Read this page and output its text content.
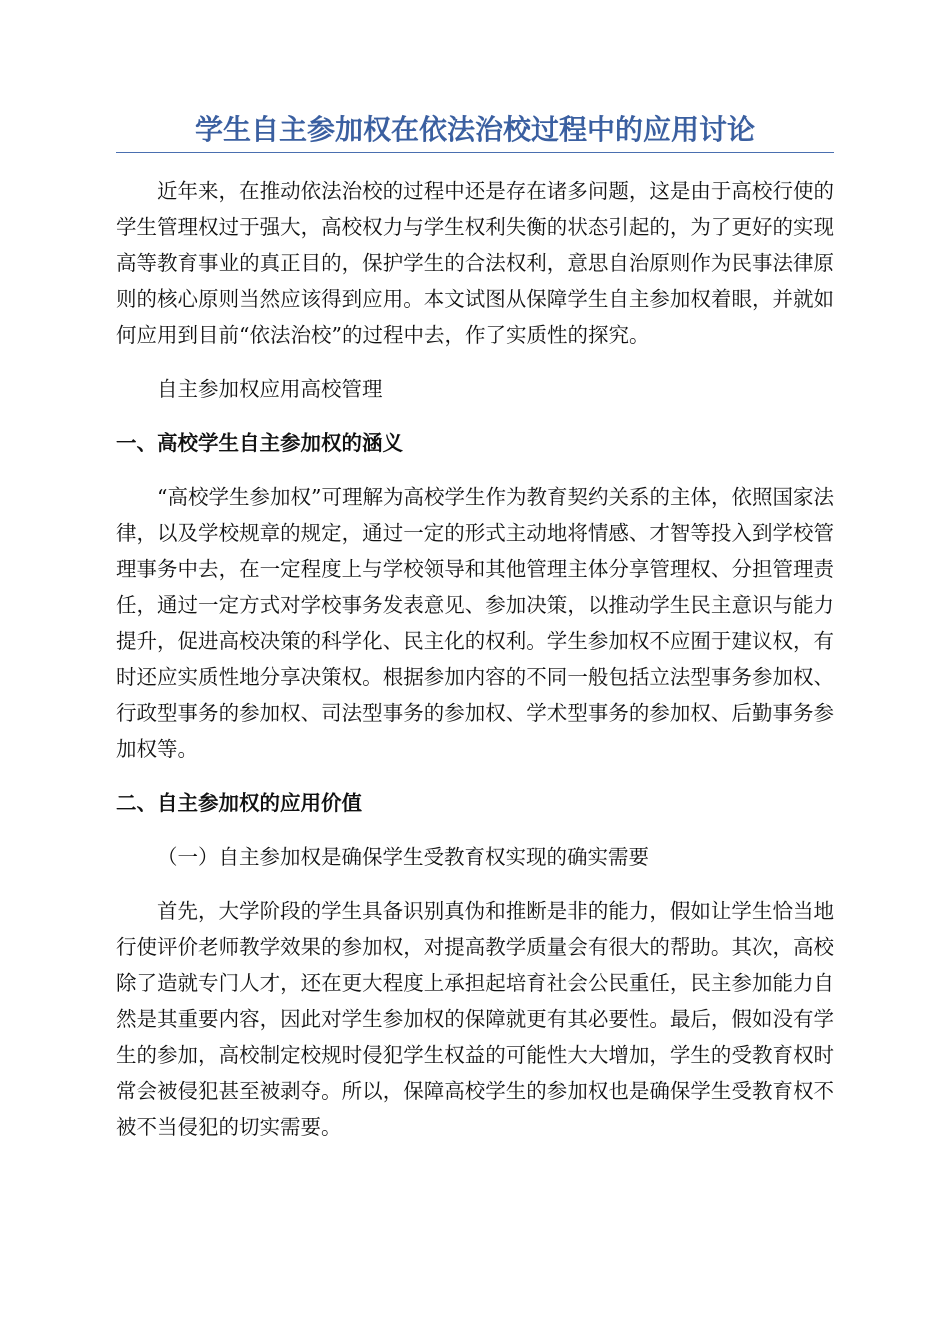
学生自主参加权在依法治校过程中的应用讨论

近年来，在推动依法治校的过程中还是存在诸多问题，这是由于高校行使的学生管理权过于强大，高校权力与学生权利失衡的状态引起的，为了更好的实现高等教育事业的真正目的，保护学生的合法权利，意思自治原则作为民事法律原则的核心原则当然应该得到应用。本文试图从保障学生自主参加权着眼，并就如何应用到目前“依法治校”的过程中去，作了实质性的探究。

自主参加权应用高校管理

一、高校学生自主参加权的涵义

“高校学生参加权”可理解为高校学生作为教育契约关系的主体，依照国家法律，以及学校规章的规定，通过一定的形式主动地将情感、才智等投入到学校管理事务中去，在一定程度上与学校领导和其他管理主体分享管理权、分担管理责任，通过一定方式对学校事务发表意见、参加决策，以推动学生民主意识与能力提升，促进高校决策的科学化、民主化的权利。学生参加权不应囿于建议权，有时还应实质性地分享决策权。根据参加内容的不同一般包括立法型事务参加权、行政型事务的参加权、司法型事务的参加权、学术型事务的参加权、后勤事务参加权等。

二、自主参加权的应用价值

（一）自主参加权是确保学生受教育权实现的确实需要

首先，大学阶段的学生具备识别真伪和推断是非的能力，假如让学生恰当地行使评价老师教学效果的参加权，对提高教学质量会有很大的帮助。其次，高校除了造就专门人才，还在更大程度上承担起培育社会公民重任，民主参加能力自然是其重要内容，因此对学生参加权的保障就更有其必要性。最后，假如没有学生的参加，高校制定校规时侵犯学生权益的可能性大大增加，学生的受教育权时常会被侵犯甚至被剥夺。所以，保障高校学生的参加权也是确保学生受教育权不被不当侵犯的切实需要。
